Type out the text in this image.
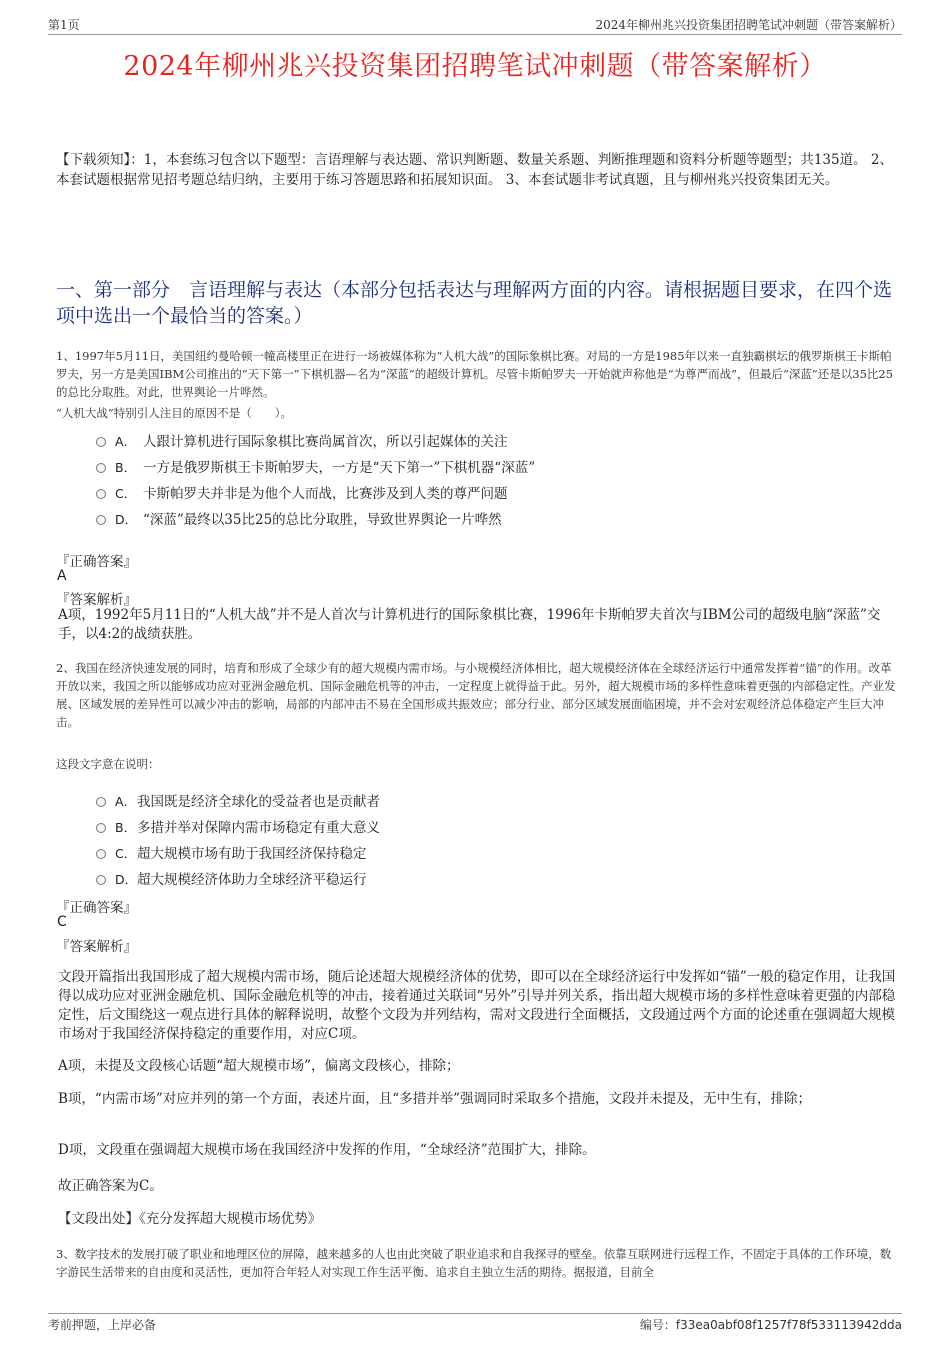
第1页	2024年柳州兆兴投资集团招聘笔试冲刺题（带答案解析）
2024年柳州兆兴投资集团招聘笔试冲刺题（带答案解析）
【下载须知】：1，本套练习包含以下题型：言语理解与表达题、常识判断题、数量关系题、判断推理题和资料分析题等题型；共135道。 2、本套试题根据常见招考题总结归纳，主要用于练习答题思路和拓展知识面。 3、本套试题非考试真题，且与柳州兆兴投资集团无关。
一、第一部分　言语理解与表达（本部分包括表达与理解两方面的内容。请根据题目要求，在四个选项中选出一个最恰当的答案。）
1、1997年5月11日，美国纽约曼哈顿一幢高楼里正在进行一场被媒体称为“人机大战”的国际象棋比赛。对局的一方是1985年以来一直独霸棋坛的俄罗斯棋王卡斯帕罗夫，另一方是美国IBM公司推出的“天下第一”下棋机器—名为“深蓝”的超级计算机。尽管卡斯帕罗夫一开始就声称他是“为尊严而战”，但最后“深蓝”还是以35比25的总比分取胜。对此，世界舆论一片哗然。
“人机大战”特别引人注目的原因不是（　　）。
A． 人跟计算机进行国际象棋比赛尚属首次，所以引起媒体的关注
B． 一方是俄罗斯棋王卡斯帕罗夫，一方是“天下第一”下棋机器“深蓝”
C． 卡斯帕罗夫并非是为他个人而战，比赛涉及到人类的尊严问题
D． “深蓝”最终以35比25的总比分取胜，导致世界舆论一片哗然
『正确答案』
A
『答案解析』
A项，1992年5月11日的“人机大战”并不是人首次与计算机进行的国际象棋比赛，1996年卡斯帕罗夫首次与IBM公司的超级电脑“深蓝”交手，以4:2的战绩获胜。
2、我国在经济快速发展的同时，培育和形成了全球少有的超大规模内需市场。与小规模经济体相比，超大规模经济体在全球经济运行中通常发挥着“锚”的作用。改革开放以来，我国之所以能够成功应对亚洲金融危机、国际金融危机等的冲击，一定程度上就得益于此。另外，超大规模市场的多样性意味着更强的内部稳定性。产业发展、区域发展的差异性可以减少冲击的影响，局部的内部冲击不易在全国形成共振效应；部分行业、部分区域发展面临困境，并不会对宏观经济总体稳定产生巨大冲击。
这段文字意在说明：
A．我国既是经济全球化的受益者也是贡献者
B．多措并举对保障内需市场稳定有重大意义
C．超大规模市场有助于我国经济保持稳定
D．超大规模经济体助力全球经济平稳运行
『正确答案』
C
『答案解析』
文段开篇指出我国形成了超大规模内需市场，随后论述超大规模经济体的优势，即可以在全球经济运行中发挥如“锚”一般的稳定作用，让我国得以成功应对亚洲金融危机、国际金融危机等的冲击，接着通过关联词“另外”引导并列关系，指出超大规模市场的多样性意味着更强的内部稳定性，后文围绕这一观点进行具体的解释说明，故整个文段为并列结构，需对文段进行全面概括，文段通过两个方面的论述重在强调超大规模市场对于我国经济保持稳定的重要作用，对应C项。
A项，未提及文段核心话题“超大规模市场”，偏离文段核心，排除；
B项，“内需市场”对应并列的第一个方面，表述片面，且“多措并举”强调同时采取多个措施，文段并未提及，无中生有，排除；
D项，文段重在强调超大规模市场在我国经济中发挥的作用，“全球经济”范围扩大，排除。
故正确答案为C。
【文段出处】《充分发挥超大规模市场优势》
3、数字技术的发展打破了职业和地理区位的屏障，越来越多的人也由此突破了职业追求和自我探寻的壁垒。依靠互联网进行远程工作，不固定于具体的工作环境，数字游民生活带来的自由度和灵活性，更加符合年轻人对实现工作生活平衡、追求自主独立生活的期待。据报道，目前全
考前押题，上岸必备	编号：f33ea0abf08f1257f78f533113942dda
